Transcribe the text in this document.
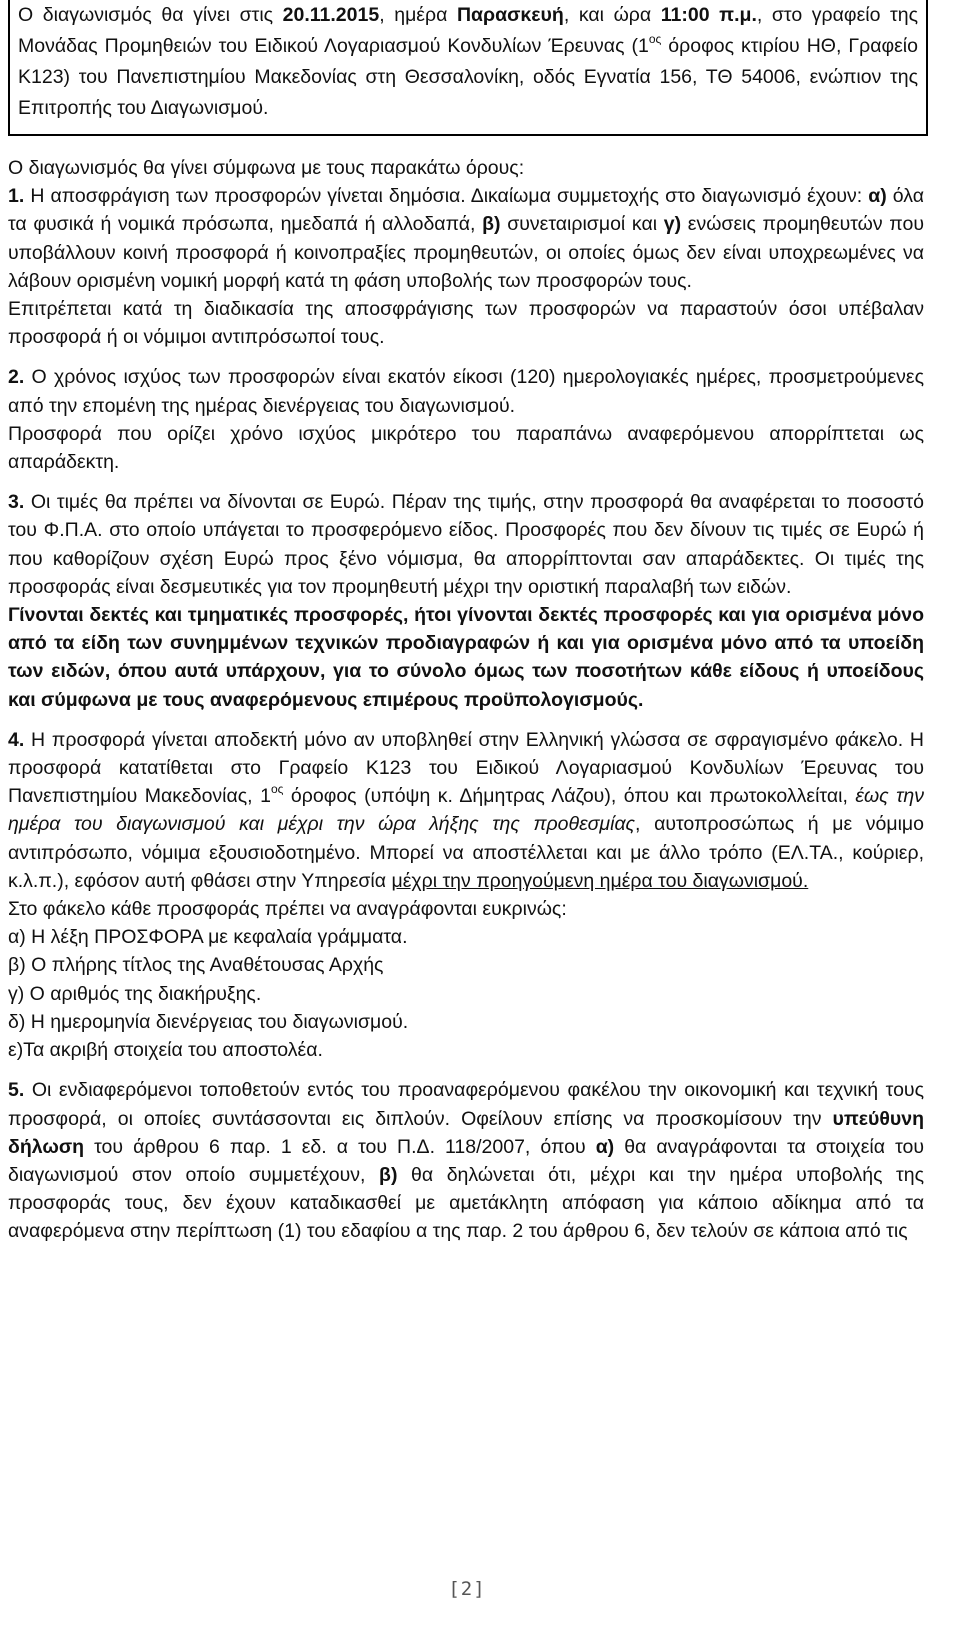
Ο διαγωνισμός θα γίνει στις 20.11.2015, ημέρα Παρασκευή, και ώρα 11:00 π.μ., στο γραφείο της Μονάδας Προμηθειών του Ειδικού Λογαριασμού Κονδυλίων Έρευνας ($1^{o\varsigma}$ όροφος κτιρίου ΗΘ, Γραφείο Κ123) του Πανεπιστημίου Μακεδονίας στη Θεσσαλονίκη, οδός Εγνατία 156, ΤΘ 54006, ενώπιον της Επιτροπής του Διαγωνισμού.
Ο διαγωνισμός θα γίνει σύμφωνα με τους παρακάτω όρους:
1. Η αποσφράγιση των προσφορών γίνεται δημόσια. Δικαίωμα συμμετοχής στο διαγωνισμό έχουν: α) όλα τα φυσικά ή νομικά πρόσωπα, ημεδαπά ή αλλοδαπά, β) συνεταιρισμοί και γ) ενώσεις προμηθευτών που υποβάλλουν κοινή προσφορά ή κοινοπραξίες προμηθευτών, οι οποίες όμως δεν είναι υποχρεωμένες να λάβουν ορισμένη νομική μορφή κατά τη φάση υποβολής των προσφορών τους.
Επιτρέπεται κατά τη διαδικασία της αποσφράγισης των προσφορών να παραστούν όσοι υπέβαλαν προσφορά ή οι νόμιμοι αντιπρόσωποί τους.
2. Ο χρόνος ισχύος των προσφορών είναι εκατόν είκοσι (120) ημερολογιακές ημέρες, προσμετρούμενες από την επομένη της ημέρας διενέργειας του διαγωνισμού.
Προσφορά που ορίζει χρόνο ισχύος μικρότερο του παραπάνω αναφερόμενου απορρίπτεται ως απαράδεκτη.
3. Οι τιμές θα πρέπει να δίνονται σε Ευρώ. Πέραν της τιμής, στην προσφορά θα αναφέρεται το ποσοστό του Φ.Π.Α. στο οποίο υπάγεται το προσφερόμενο είδος. Προσφορές που δεν δίνουν τις τιμές σε Ευρώ ή που καθορίζουν σχέση Ευρώ προς ξένο νόμισμα, θα απορρίπτονται σαν απαράδεκτες. Οι τιμές της προσφοράς είναι δεσμευτικές για τον προμηθευτή μέχρι την οριστική παραλαβή των ειδών.
Γίνονται δεκτές και τμηματικές προσφορές, ήτοι γίνονται δεκτές προσφορές και για ορισμένα μόνο από τα είδη των συνημμένων τεχνικών προδιαγραφών ή και για ορισμένα μόνο από τα υποείδη των ειδών, όπου αυτά υπάρχουν, για το σύνολο όμως των ποσοτήτων κάθε είδους ή υποείδους και σύμφωνα με τους αναφερόμενους επιμέρους προϋπολογισμούς.
4. Η προσφορά γίνεται αποδεκτή μόνο αν υποβληθεί στην Ελληνική γλώσσα σε σφραγισμένο φάκελο. Η προσφορά κατατίθεται στο Γραφείο Κ123 του Ειδικού Λογαριασμού Κονδυλίων Έρευνας του Πανεπιστημίου Μακεδονίας, $1^{o\varsigma}$ όροφος (υπόψη κ. Δήμητρας Λάζου), όπου και πρωτοκολλείται, έως την ημέρα του διαγωνισμού και μέχρι την ώρα λήξης της προθεσμίας, αυτοπροσώπως ή με νόμιμο αντιπρόσωπο, νόμιμα εξουσιοδοτημένο. Μπορεί να αποστέλλεται και με άλλο τρόπο (ΕΛ.ΤΑ., κούριερ, κ.λ.π.), εφόσον αυτή φθάσει στην Υπηρεσία μέχρι την προηγούμενη ημέρα του διαγωνισμού.
Στο φάκελο κάθε προσφοράς πρέπει να αναγράφονται ευκρινώς:
α) Η λέξη ΠΡΟΣΦΟΡΑ με κεφαλαία γράμματα.
β) Ο πλήρης τίτλος της Αναθέτουσας Αρχής
γ) Ο αριθμός της διακήρυξης.
δ) Η ημερομηνία διενέργειας του διαγωνισμού.
ε)Τα ακριβή στοιχεία του αποστολέα.
5. Οι ενδιαφερόμενοι τοποθετούν εντός του προαναφερόμενου φακέλου την οικονομική και τεχνική τους προσφορά, οι οποίες συντάσσονται εις διπλούν. Οφείλουν επίσης να προσκομίσουν την υπεύθυνη δήλωση του άρθρου 6 παρ. 1 εδ. α του Π.Δ. 118/2007, όπου α) θα αναγράφονται τα στοιχεία του διαγωνισμού στον οποίο συμμετέχουν, β) θα δηλώνεται ότι, μέχρι και την ημέρα υποβολής της προσφοράς τους, δεν έχουν καταδικασθεί με αμετάκλητη απόφαση για κάποιο αδίκημα από τα αναφερόμενα στην περίπτωση (1) του εδαφίου α της παρ. 2 του άρθρου 6, δεν τελούν σε κάποια από τις
[2]
